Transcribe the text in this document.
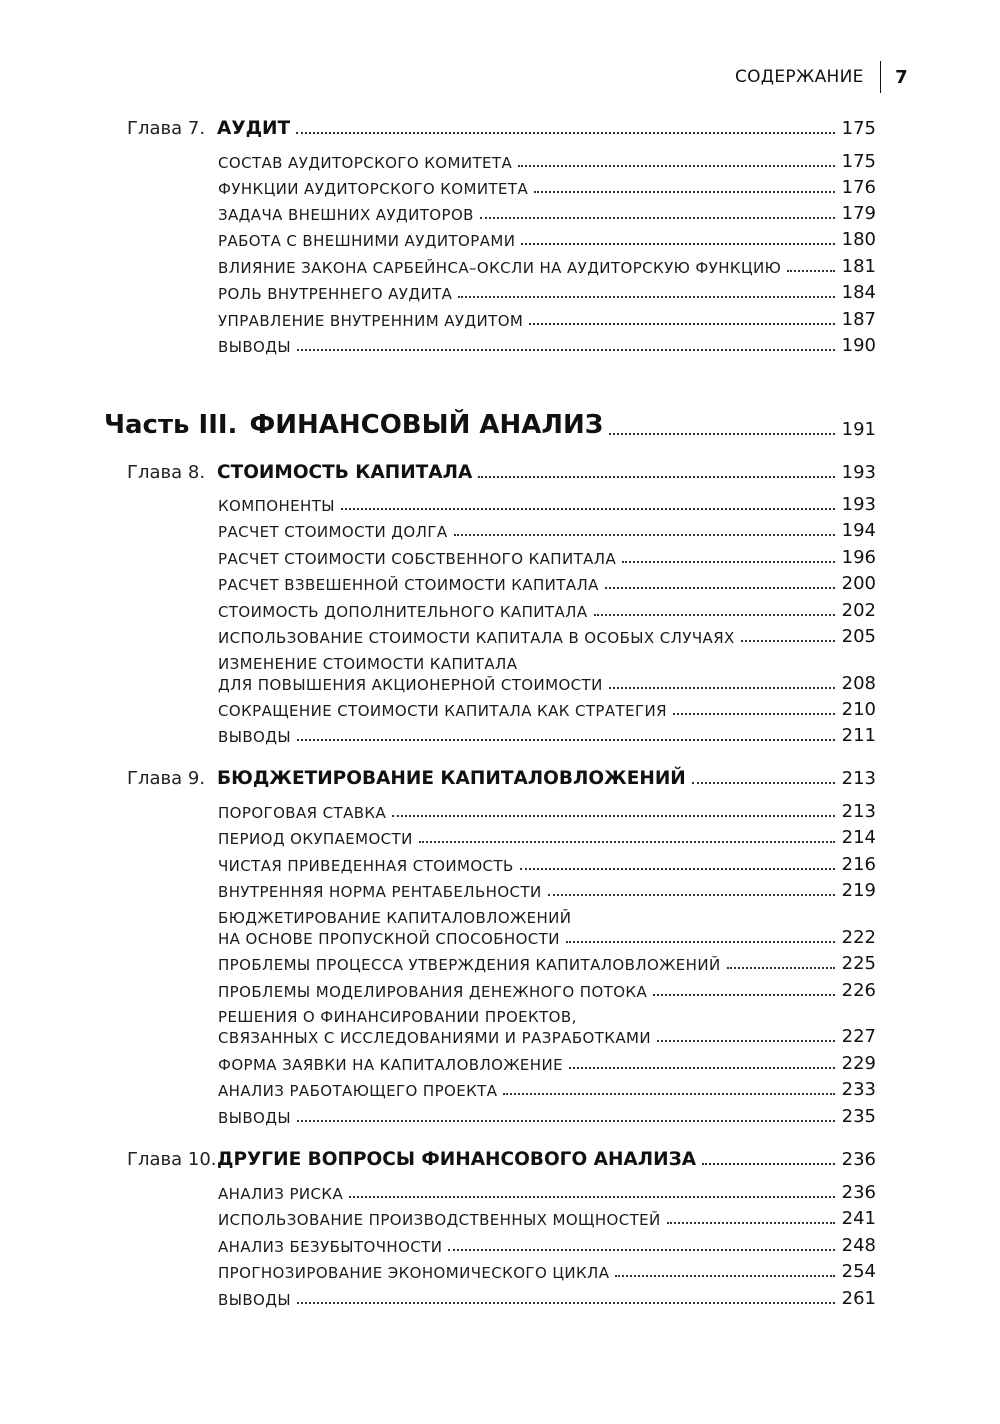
СОДЕРЖАНИЕ 7
Глава 7. АУДИТ	175
СОСТАВ АУДИТОРСКОГО КОМИТЕТА	175
ФУНКЦИИ АУДИТОРСКОГО КОМИТЕТА	176
ЗАДАЧА ВНЕШНИХ АУДИТОРОВ	179
РАБОТА С ВНЕШНИМИ АУДИТОРАМИ	180
ВЛИЯНИЕ ЗАКОНА САРБЕЙНСА–ОКСЛИ НА АУДИТОРСКУЮ ФУНКЦИЮ	181
РОЛЬ ВНУТРЕННЕГО АУДИТА	184
УПРАВЛЕНИЕ ВНУТРЕННИМ АУДИТОМ	187
ВЫВОДЫ	190
Часть III. ФИНАНСОВЫЙ АНАЛИЗ	191
Глава 8. СТОИМОСТЬ КАПИТАЛА	193
КОМПОНЕНТЫ	193
РАСЧЕТ СТОИМОСТИ ДОЛГА	194
РАСЧЕТ СТОИМОСТИ СОБСТВЕННОГО КАПИТАЛА	196
РАСЧЕТ ВЗВЕШЕННОЙ СТОИМОСТИ КАПИТАЛА	200
СТОИМОСТЬ ДОПОЛНИТЕЛЬНОГО КАПИТАЛА	202
ИСПОЛЬЗОВАНИЕ СТОИМОСТИ КАПИТАЛА В ОСОБЫХ СЛУЧАЯХ	205
ИЗМЕНЕНИЕ СТОИМОСТИ КАПИТАЛА
ДЛЯ ПОВЫШЕНИЯ АКЦИОНЕРНОЙ СТОИМОСТИ	208
СОКРАЩЕНИЕ СТОИМОСТИ КАПИТАЛА КАК СТРАТЕГИЯ	210
ВЫВОДЫ	211
Глава 9. БЮДЖЕТИРОВАНИЕ КАПИТАЛОВЛОЖЕНИЙ	213
ПОРОГОВАЯ СТАВКА	213
ПЕРИОД ОКУПАЕМОСТИ	214
ЧИСТАЯ ПРИВЕДЕННАЯ СТОИМОСТЬ	216
ВНУТРЕННЯЯ НОРМА РЕНТАБЕЛЬНОСТИ	219
БЮДЖЕТИРОВАНИЕ КАПИТАЛОВЛОЖЕНИЙ
НА ОСНОВЕ ПРОПУСКНОЙ СПОСОБНОСТИ	222
ПРОБЛЕМЫ ПРОЦЕССА УТВЕРЖДЕНИЯ КАПИТАЛОВЛОЖЕНИЙ	225
ПРОБЛЕМЫ МОДЕЛИРОВАНИЯ ДЕНЕЖНОГО ПОТОКА	226
РЕШЕНИЯ О ФИНАНСИРОВАНИИ ПРОЕКТОВ,
СВЯЗАННЫХ С ИССЛЕДОВАНИЯМИ И РАЗРАБОТКАМИ	227
ФОРМА ЗАЯВКИ НА КАПИТАЛОВЛОЖЕНИЕ	229
АНАЛИЗ РАБОТАЮЩЕГО ПРОЕКТА	233
ВЫВОДЫ	235
Глава 10. ДРУГИЕ ВОПРОСЫ ФИНАНСОВОГО АНАЛИЗА	236
АНАЛИЗ РИСКА	236
ИСПОЛЬЗОВАНИЕ ПРОИЗВОДСТВЕННЫХ МОЩНОСТЕЙ	241
АНАЛИЗ БЕЗУБЫТОЧНОСТИ	248
ПРОГНОЗИРОВАНИЕ ЭКОНОМИЧЕСКОГО ЦИКЛА	254
ВЫВОДЫ	261
